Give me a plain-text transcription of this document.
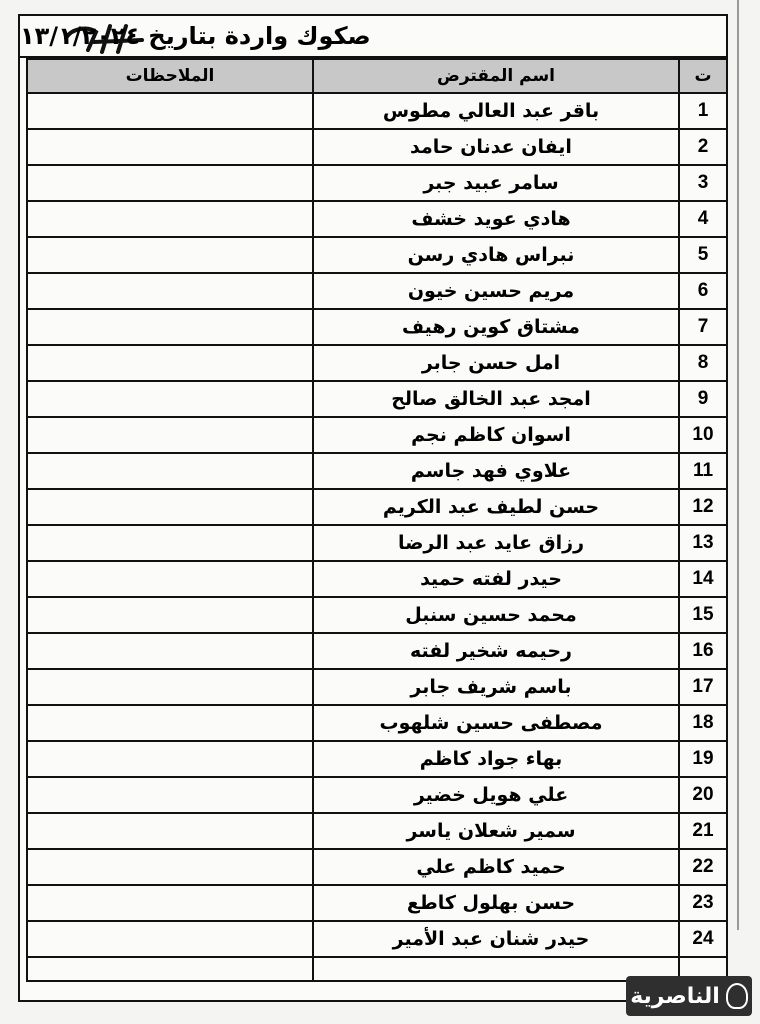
صكوك واردة بتاريخ ١٣/١/٢٠٢٤
الملاحظات	اسم المقترض	ت
	باقر عبد العالي مطوس	1
	ايفان عدنان حامد	2
	سامر عبيد جبر	3
	هادي عويد خشف	4
	نبراس هادي رسن	5
	مريم حسين خيون	6
	مشتاق كوين رهيف	7
	امل حسن جابر	8
	امجد عبد الخالق صالح	9
	اسوان كاظم نجم	10
	علاوي فهد جاسم	11
	حسن لطيف عبد الكريم	12
	رزاق عايد عبد الرضا	13
	حيدر لفته حميد	14
	محمد حسين سنبل	15
	رحيمه شخير لفته	16
	باسم شريف جابر	17
	مصطفى حسين شلهوب	18
	بهاء جواد كاظم	19
	علي هويل خضير	20
	سمير شعلان ياسر	21
	حميد كاظم علي	22
	حسن بهلول كاطع	23
	حيدر شنان عبد الأمير	24

الناصرية
